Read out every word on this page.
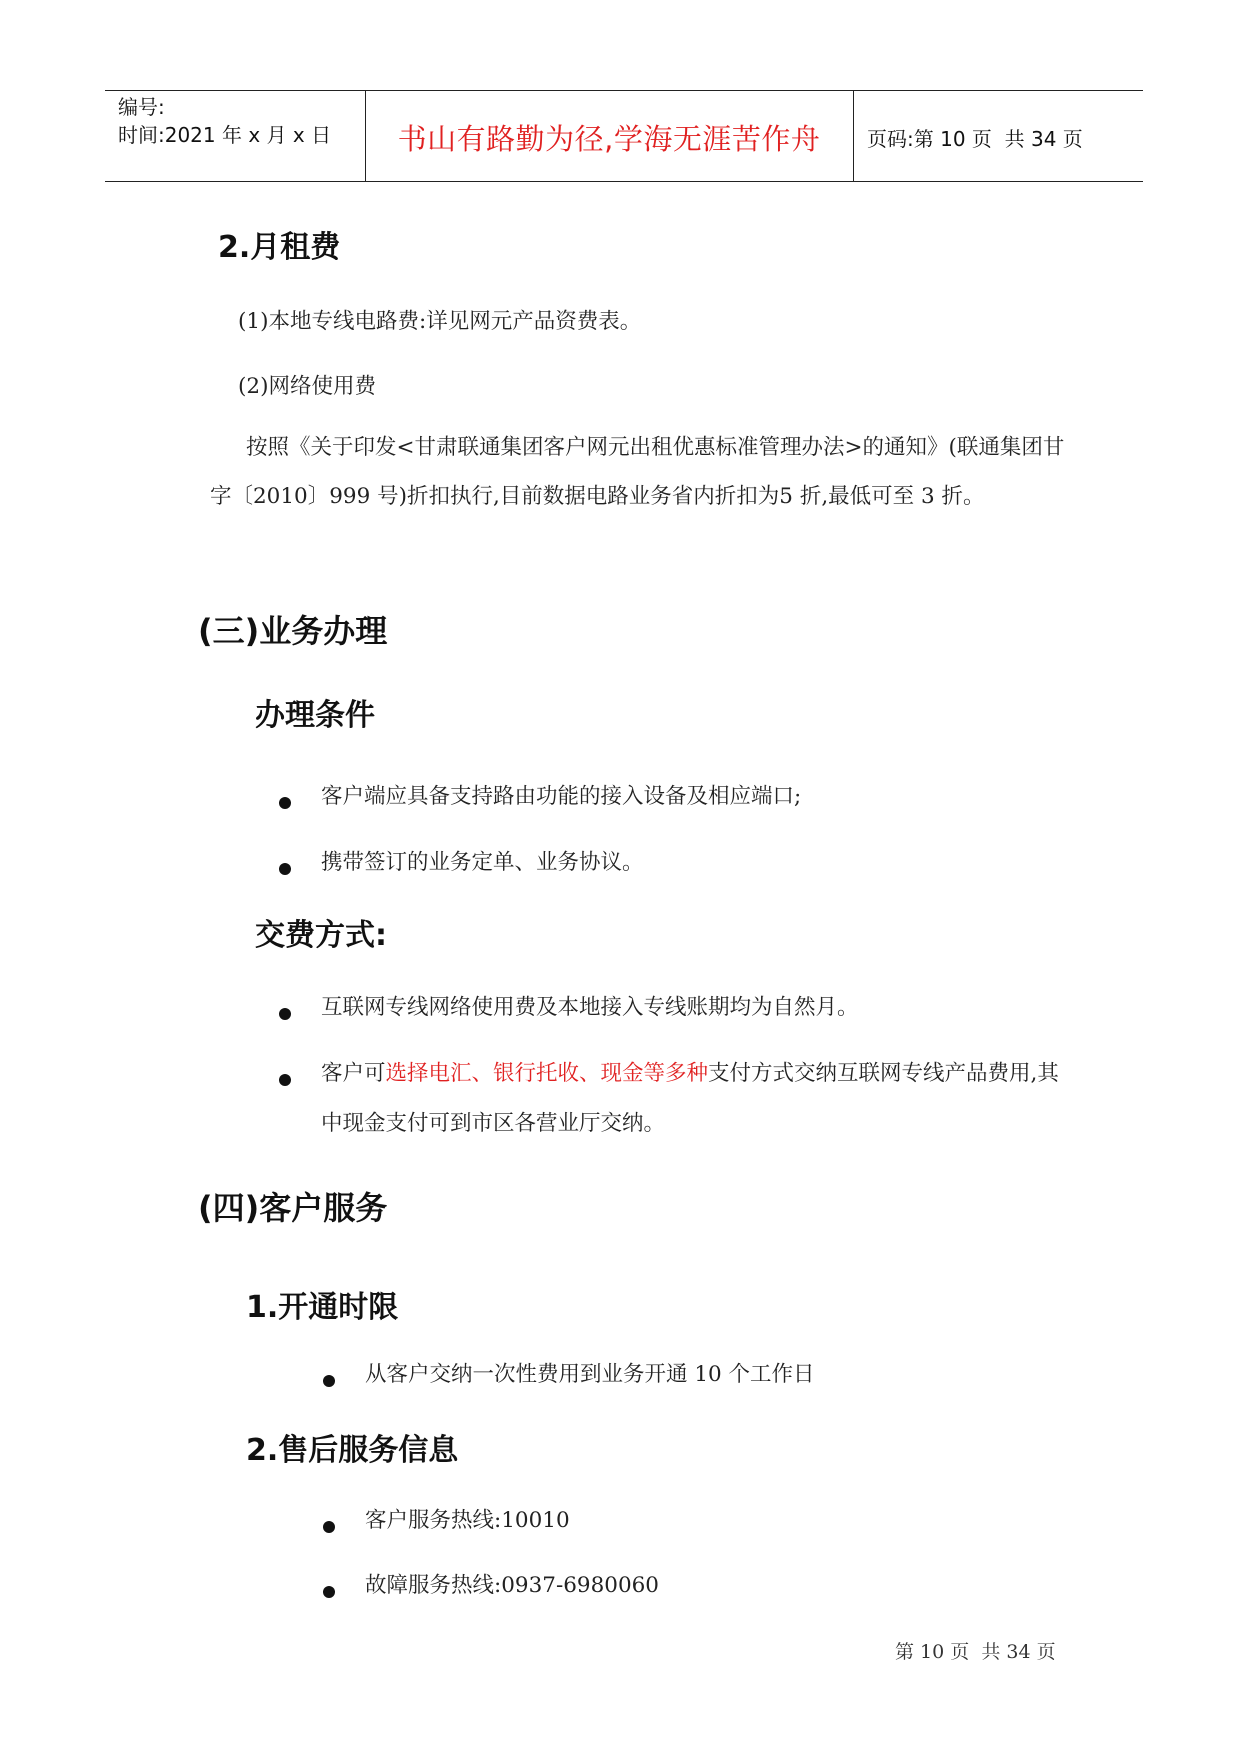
编号:
时间:2021 年 x 月 x 日	书山有路勤为径,学海无涯苦作舟	页码:第 10 页  共 34 页
2.月租费
(1)本地专线电路费:详见网元产品资费表。
(2)网络使用费
按照《关于印发<甘肃联通集团客户网元出租优惠标准管理办法>的通知》(联通集团甘字〔2010〕999 号)折扣执行,目前数据电路业务省内折扣为5 折,最低可至 3 折。
(三)业务办理
办理条件
客户端应具备支持路由功能的接入设备及相应端口;
携带签订的业务定单、业务协议。
交费方式:
互联网专线网络使用费及本地接入专线账期均为自然月。
客户可选择电汇、银行托收、现金等多种支付方式交纳互联网专线产品费用,其中现金支付可到市区各营业厅交纳。
(四)客户服务
1.开通时限
从客户交纳一次性费用到业务开通 10 个工作日
2.售后服务信息
客户服务热线:10010
故障服务热线:0937-6980060
第 10 页  共 34 页
